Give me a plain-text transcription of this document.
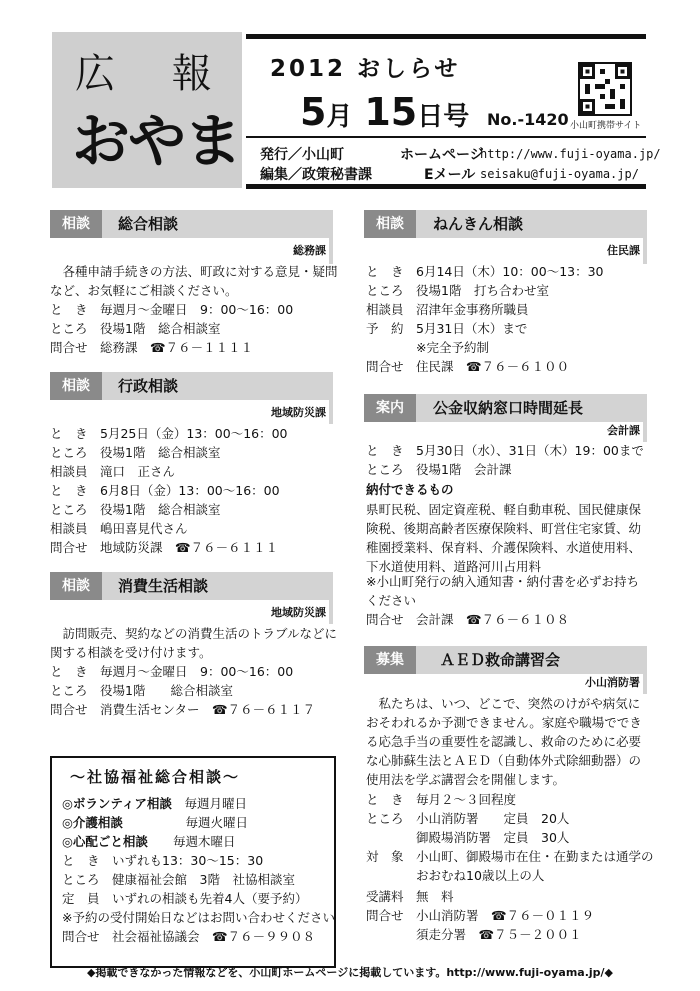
広 報
おやま
2012 おしらせ
5月 15日号 No.-1420 小山町携帯サイト
発行／小山町	ホームページ
http://www.fuji-oyama.jp/
編集／政策秘書課	Eメール seisaku@fuji-oyama.jp/
相談	総合相談
総務課
各種申請手続きの方法、町政に対する意見・疑問など、お気軽にご相談ください。
と　き　 毎週月～金曜日　9：00～16：00
ところ　 役場1階　総合相談室
問合せ　 総務課　☎７６－１１１１
相談	行政相談
地域防災課
と　き　 5月25日（金）13：00～16：00
ところ　 役場1階　総合相談室
相談員　 滝口　正さん
と　き　 6月8日（金）13：00～16：00
ところ　 役場1階　総合相談室
相談員　 嶋田喜見代さん
問合せ　 地域防災課　☎７６－６１１１
相談	消費生活相談
地域防災課
訪問販売、契約などの消費生活のトラブルなどに関する相談を受け付けます。
と　き　 毎週月～金曜日　9：00～16：00
ところ　 役場1階　　総合相談室
問合せ　 消費生活センター　☎７６－６１１７
～社協福祉総合相談～
◎ボランティア相談　 毎週月曜日
◎介護相談　　　　　	毎週火曜日
◎心配ごと相談　　 毎週木曜日
と　き　 いずれも13：30～15：30
ところ　 健康福祉会館　3階　社協相談室
定　員　 いずれの相談も先着4人（要予約）
※予約の受付開始日などはお問い合わせください
問合せ　 社会福祉協議会　☎７６－９９０８
相談	ねんきん相談
住民課
と　き　 6月14日（木）10：00～13：30
ところ　 役場1階　打ち合わせ室
相談員　 沼津年金事務所職員
予　約　 5月31日（木）まで
※完全予約制
問合せ　 住民課　☎７６－６１００
案内	公金収納窓口時間延長
会計課
と　き　 5月30日（水）、31日（木）19：00まで
ところ　 役場1階　会計課
納付できるもの
県町民税、固定資産税、軽自動車税、国民健康保険税、後期高齢者医療保険料、町営住宅家賃、幼稚園授業料、保育料、介護保険料、水道使用料、下水道使用料、道路河川占用料
※小山町発行の納入通知書・納付書を必ずお持ちください
問合せ　 会計課　☎７６－６１０８
募集	ＡＥＤ救命講習会
小山消防署
私たちは、いつ、どこで、突然のけがや病気におそわれるか予測できません。家庭や職場でできる応急手当の重要性を認識し、救命のために必要な心肺蘇生法とＡＥＤ（自動体外式除細動器）の使用法を学ぶ講習会を開催します。
と　き　 毎月２～３回程度
ところ　 小山消防署　　定員　20人
御殿場消防署　定員　30人
対　象　 小山町、御殿場市在住・在勤または通学の
おおむね10歳以上の人
受講料　 無　料
問合せ　 小山消防署　☎７６－０１１９
須走分署　☎７５－２００１
◆掲載できなかった情報などを、小山町ホームページに掲載しています。http://www.fuji-oyama.jp/◆
